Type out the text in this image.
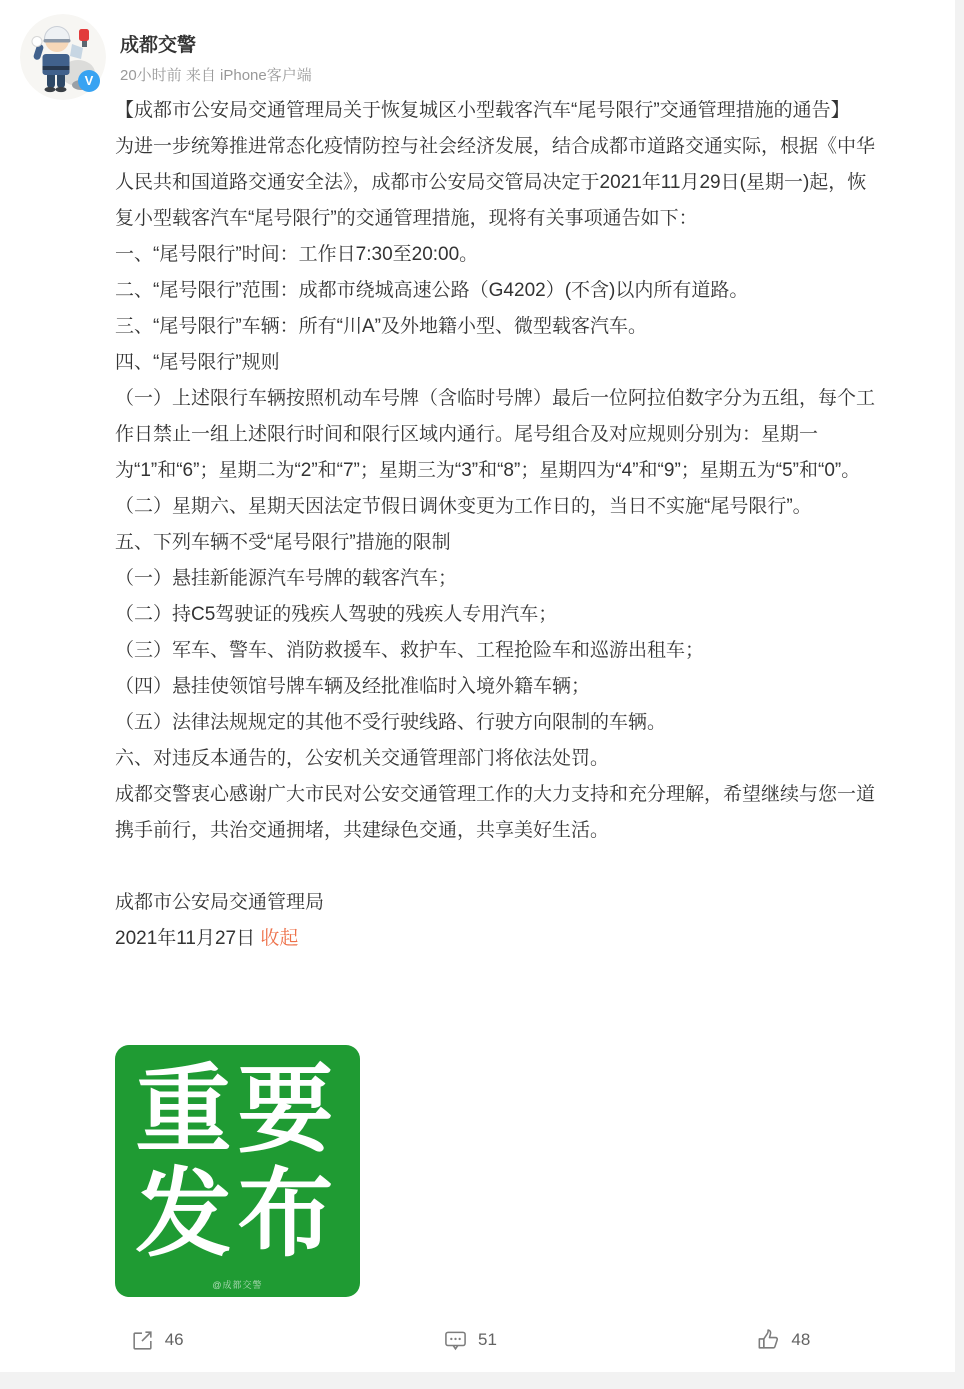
V
成都交警
20小时前 来自 iPhone客户端

【成都市公安局交通管理局关于恢复城区小型载客汽车“尾号限行”交通管理措施的通告】

为进一步统筹推进常态化疫情防控与社会经济发展，结合成都市道路交通实际，根据《中华人民共和国道路交通安全法》，成都市公安局交管局决定于2021年11月29日(星期一)起，恢复小型载客汽车“尾号限行”的交通管理措施，现将有关事项通告如下：

一、“尾号限行”时间：工作日7:30至20:00。

二、“尾号限行”范围：成都市绕城高速公路（G4202）(不含)以内所有道路。

三、“尾号限行”车辆：所有“川A”及外地籍小型、微型载客汽车。

四、“尾号限行”规则

（一）上述限行车辆按照机动车号牌（含临时号牌）最后一位阿拉伯数字分为五组，每个工作日禁止一组上述限行时间和限行区域内通行。尾号组合及对应规则分别为：星期一为“1”和“6”；星期二为“2”和“7”；星期三为“3”和“8”；星期四为“4”和“9”；星期五为“5”和“0”。

（二）星期六、星期天因法定节假日调休变更为工作日的，当日不实施“尾号限行”。

五、下列车辆不受“尾号限行”措施的限制

（一）悬挂新能源汽车号牌的载客汽车；

（二）持C5驾驶证的残疾人驾驶的残疾人专用汽车；

（三）军车、警车、消防救援车、救护车、工程抢险车和巡游出租车；

（四）悬挂使领馆号牌车辆及经批准临时入境外籍车辆；

（五）法律法规规定的其他不受行驶线路、行驶方向限制的车辆。

六、对违反本通告的，公安机关交通管理部门将依法处罚。

成都交警衷心感谢广大市民对公安交通管理工作的大力支持和充分理解，希望继续与您一道携手前行，共治交通拥堵，共建绿色交通，共享美好生活。

成都市公安局交通管理局

2021年11月27日 收起

重要
发布
@成都交警
46	51	48
